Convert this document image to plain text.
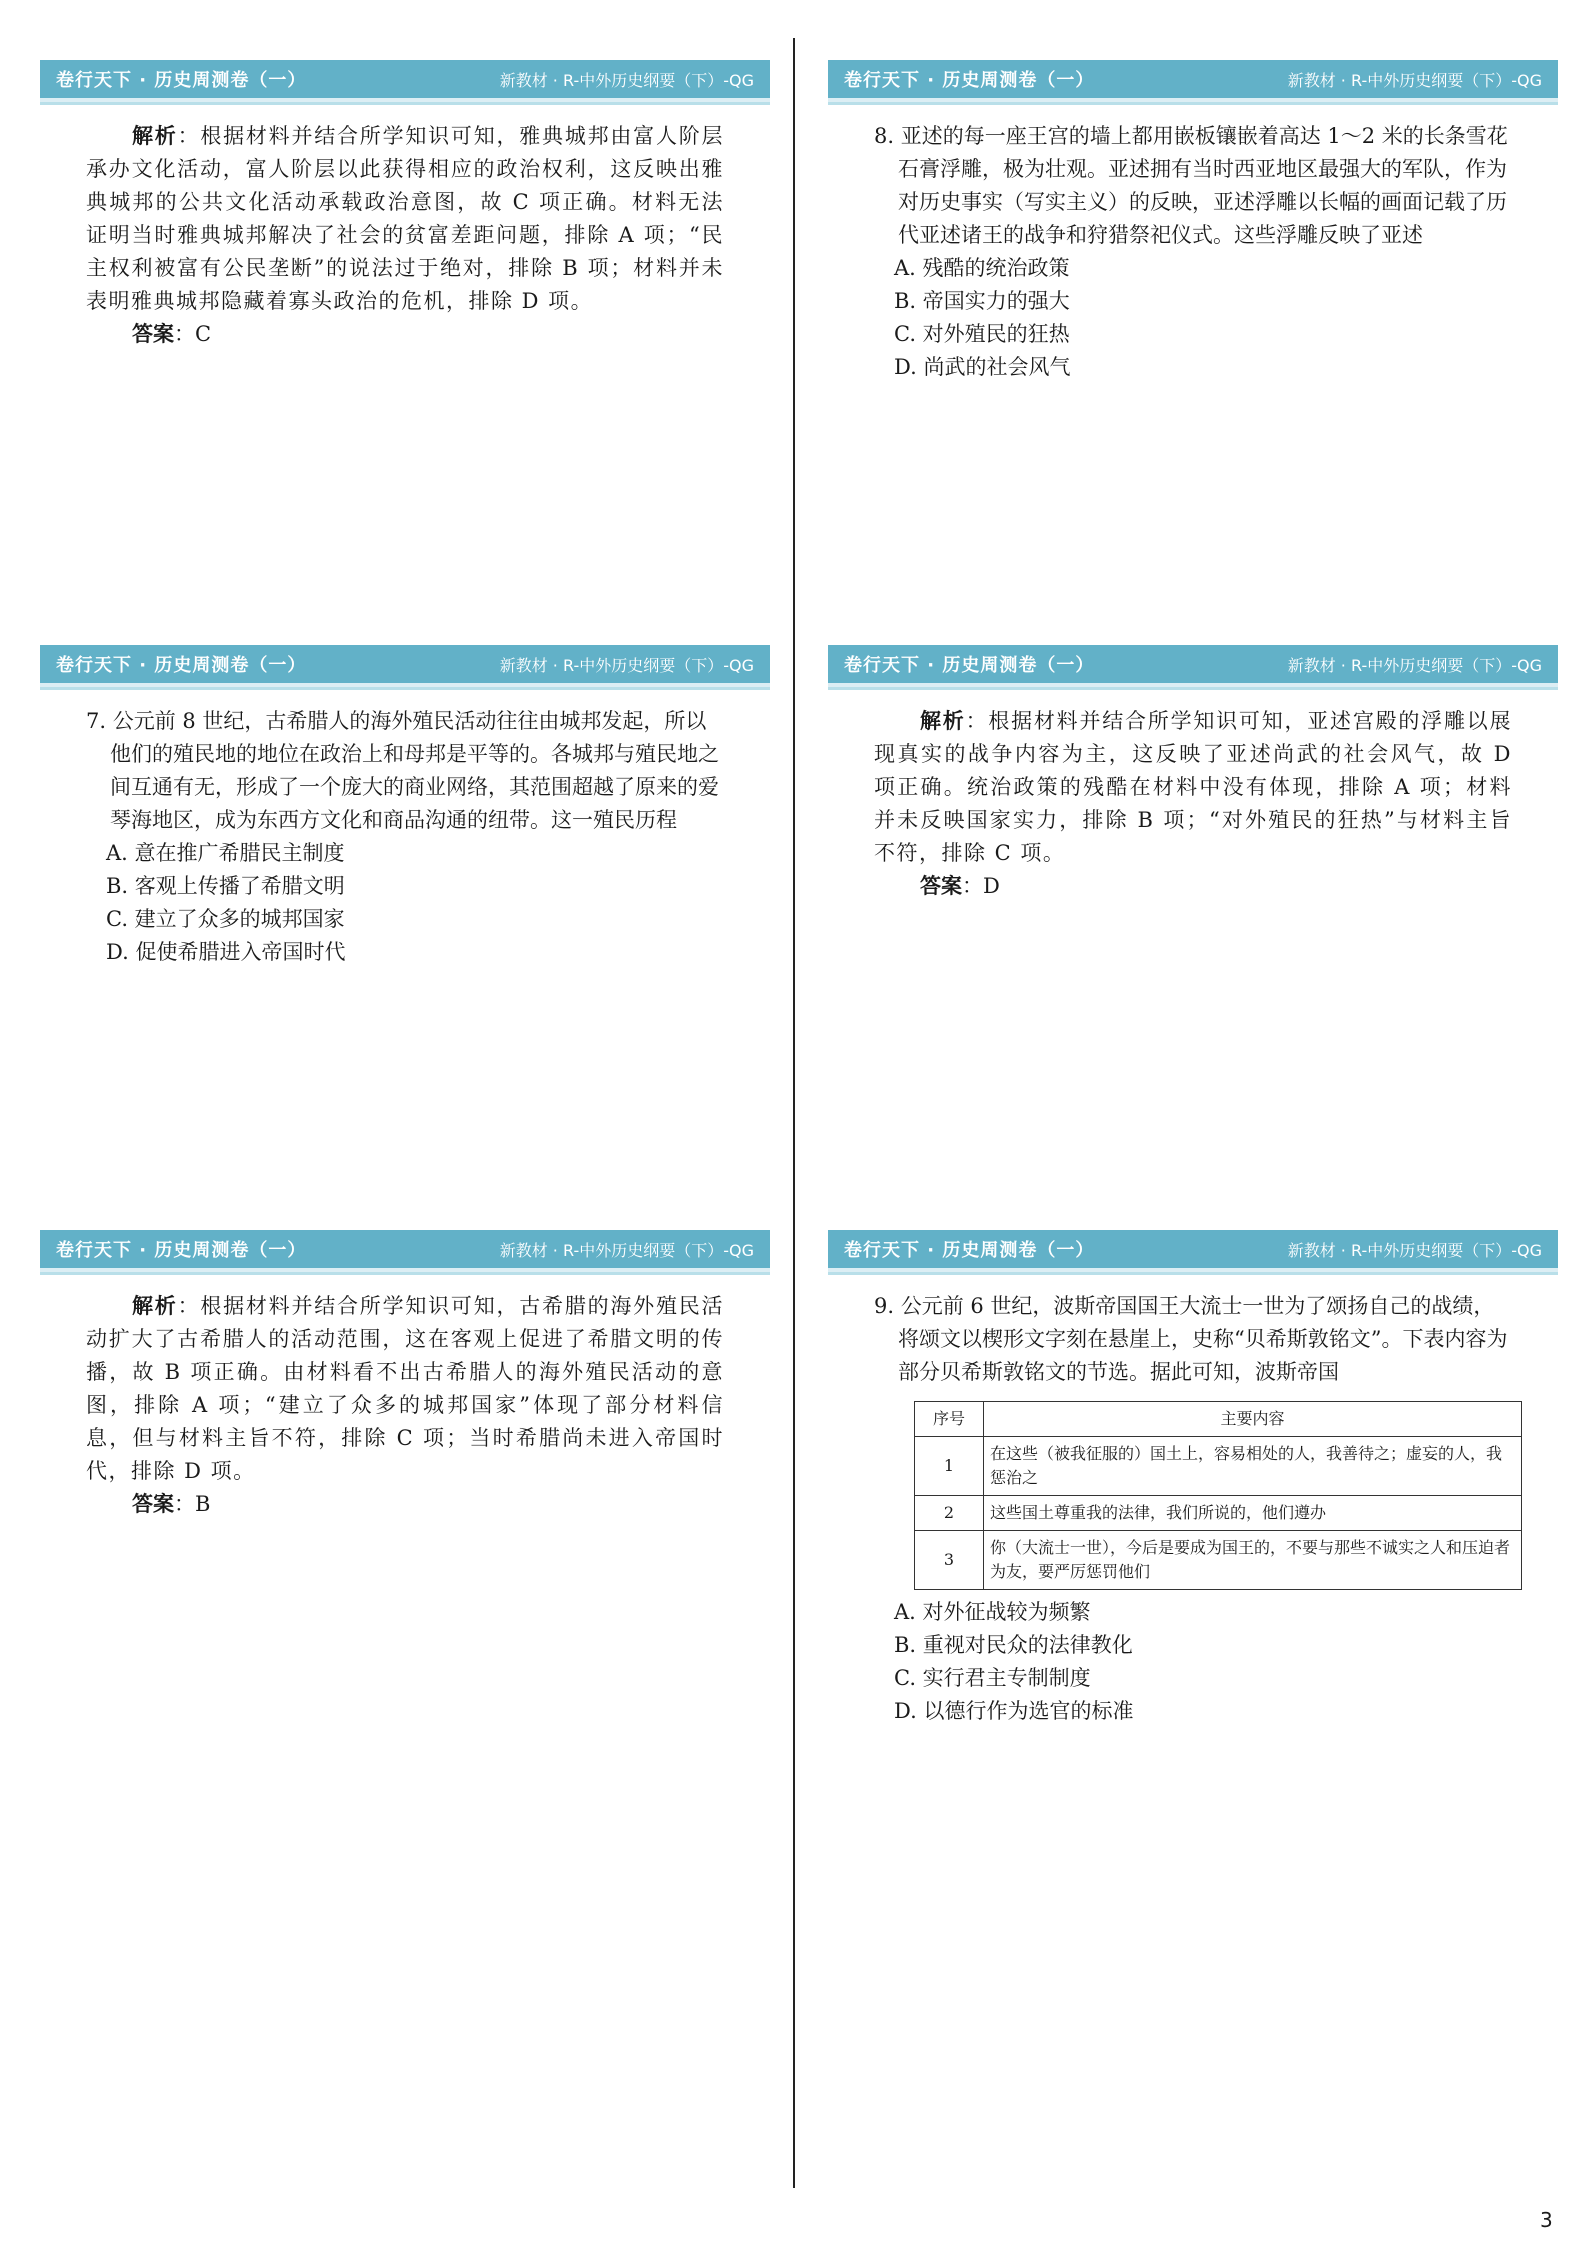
卷行天下 · 历史周测卷（一）	新教材 · R-中外历史纲要（下）-QG

解析：根据材料并结合所学知识可知，雅典城邦由富人阶层承办文化活动，富人阶层以此获得相应的政治权利，这反映出雅典城邦的公共文化活动承载政治意图，故 C 项正确。材料无法证明当时雅典城邦解决了社会的贫富差距问题，排除 A 项；“民主权利被富有公民垄断”的说法过于绝对，排除 B 项；材料并未表明雅典城邦隐藏着寡头政治的危机，排除 D 项。

答案：C

卷行天下 · 历史周测卷（一）	新教材 · R-中外历史纲要（下）-QG

8. 亚述的每一座王宫的墙上都用嵌板镶嵌着高达 1～2 米的长条雪花石膏浮雕，极为壮观。亚述拥有当时西亚地区最强大的军队，作为对历史事实（写实主义）的反映，亚述浮雕以长幅的画面记载了历代亚述诸王的战争和狩猎祭祀仪式。这些浮雕反映了亚述

A. 残酷的统治政策
B. 帝国实力的强大
C. 对外殖民的狂热
D. 尚武的社会风气
卷行天下 · 历史周测卷（一）	新教材 · R-中外历史纲要（下）-QG

7. 公元前 8 世纪，古希腊人的海外殖民活动往往由城邦发起，所以他们的殖民地的地位在政治上和母邦是平等的。各城邦与殖民地之间互通有无，形成了一个庞大的商业网络，其范围超越了原来的爱琴海地区，成为东西方文化和商品沟通的纽带。这一殖民历程

A. 意在推广希腊民主制度
B. 客观上传播了希腊文明
C. 建立了众多的城邦国家
D. 促使希腊进入帝国时代
卷行天下 · 历史周测卷（一）	新教材 · R-中外历史纲要（下）-QG

解析：根据材料并结合所学知识可知，亚述宫殿的浮雕以展现真实的战争内容为主，这反映了亚述尚武的社会风气，故 D 项正确。统治政策的残酷在材料中没有体现，排除 A 项；材料并未反映国家实力，排除 B 项；“对外殖民的狂热”与材料主旨不符，排除 C 项。

答案：D

卷行天下 · 历史周测卷（一）	新教材 · R-中外历史纲要（下）-QG

解析：根据材料并结合所学知识可知，古希腊的海外殖民活动扩大了古希腊人的活动范围，这在客观上促进了希腊文明的传播，故 B 项正确。由材料看不出古希腊人的海外殖民活动的意图，排除 A 项；“建立了众多的城邦国家”体现了部分材料信息，但与材料主旨不符，排除 C 项；当时希腊尚未进入帝国时代，排除 D 项。

答案：B

卷行天下 · 历史周测卷（一）	新教材 · R-中外历史纲要（下）-QG

9. 公元前 6 世纪，波斯帝国国王大流士一世为了颂扬自己的战绩，将颂文以楔形文字刻在悬崖上，史称“贝希斯敦铭文”。下表内容为部分贝希斯敦铭文的节选。据此可知，波斯帝国

序号	主要内容
1	在这些（被我征服的）国土上，容易相处的人，我善待之；虚妄的人，我惩治之
2	这些国土尊重我的法律，我们所说的，他们遵办
3	你（大流士一世），今后是要成为国王的，不要与那些不诚实之人和压迫者为友，要严厉惩罚他们
A. 对外征战较为频繁
B. 重视对民众的法律教化
C. 实行君主专制制度
D. 以德行作为选官的标准
3
